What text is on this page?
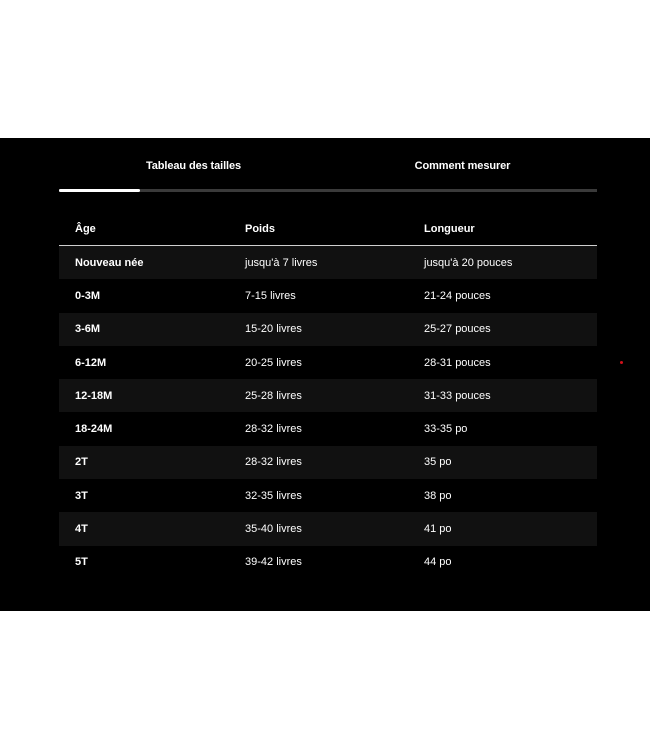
Tableau des tailles	Comment mesurer
Âge	Poids	Longueur
Nouveau née	jusqu'à 7 livres	jusqu'à 20 pouces
0-3M	7-15 livres	21-24 pouces
3-6M	15-20 livres	25-27 pouces
6-12M	20-25 livres	28-31 pouces
12-18M	25-28 livres	31-33 pouces
18-24M	28-32 livres	33-35 po
2T	28-32 livres	35 po
3T	32-35 livres	38 po
4T	35-40 livres	41 po
5T	39-42 livres	44 po
